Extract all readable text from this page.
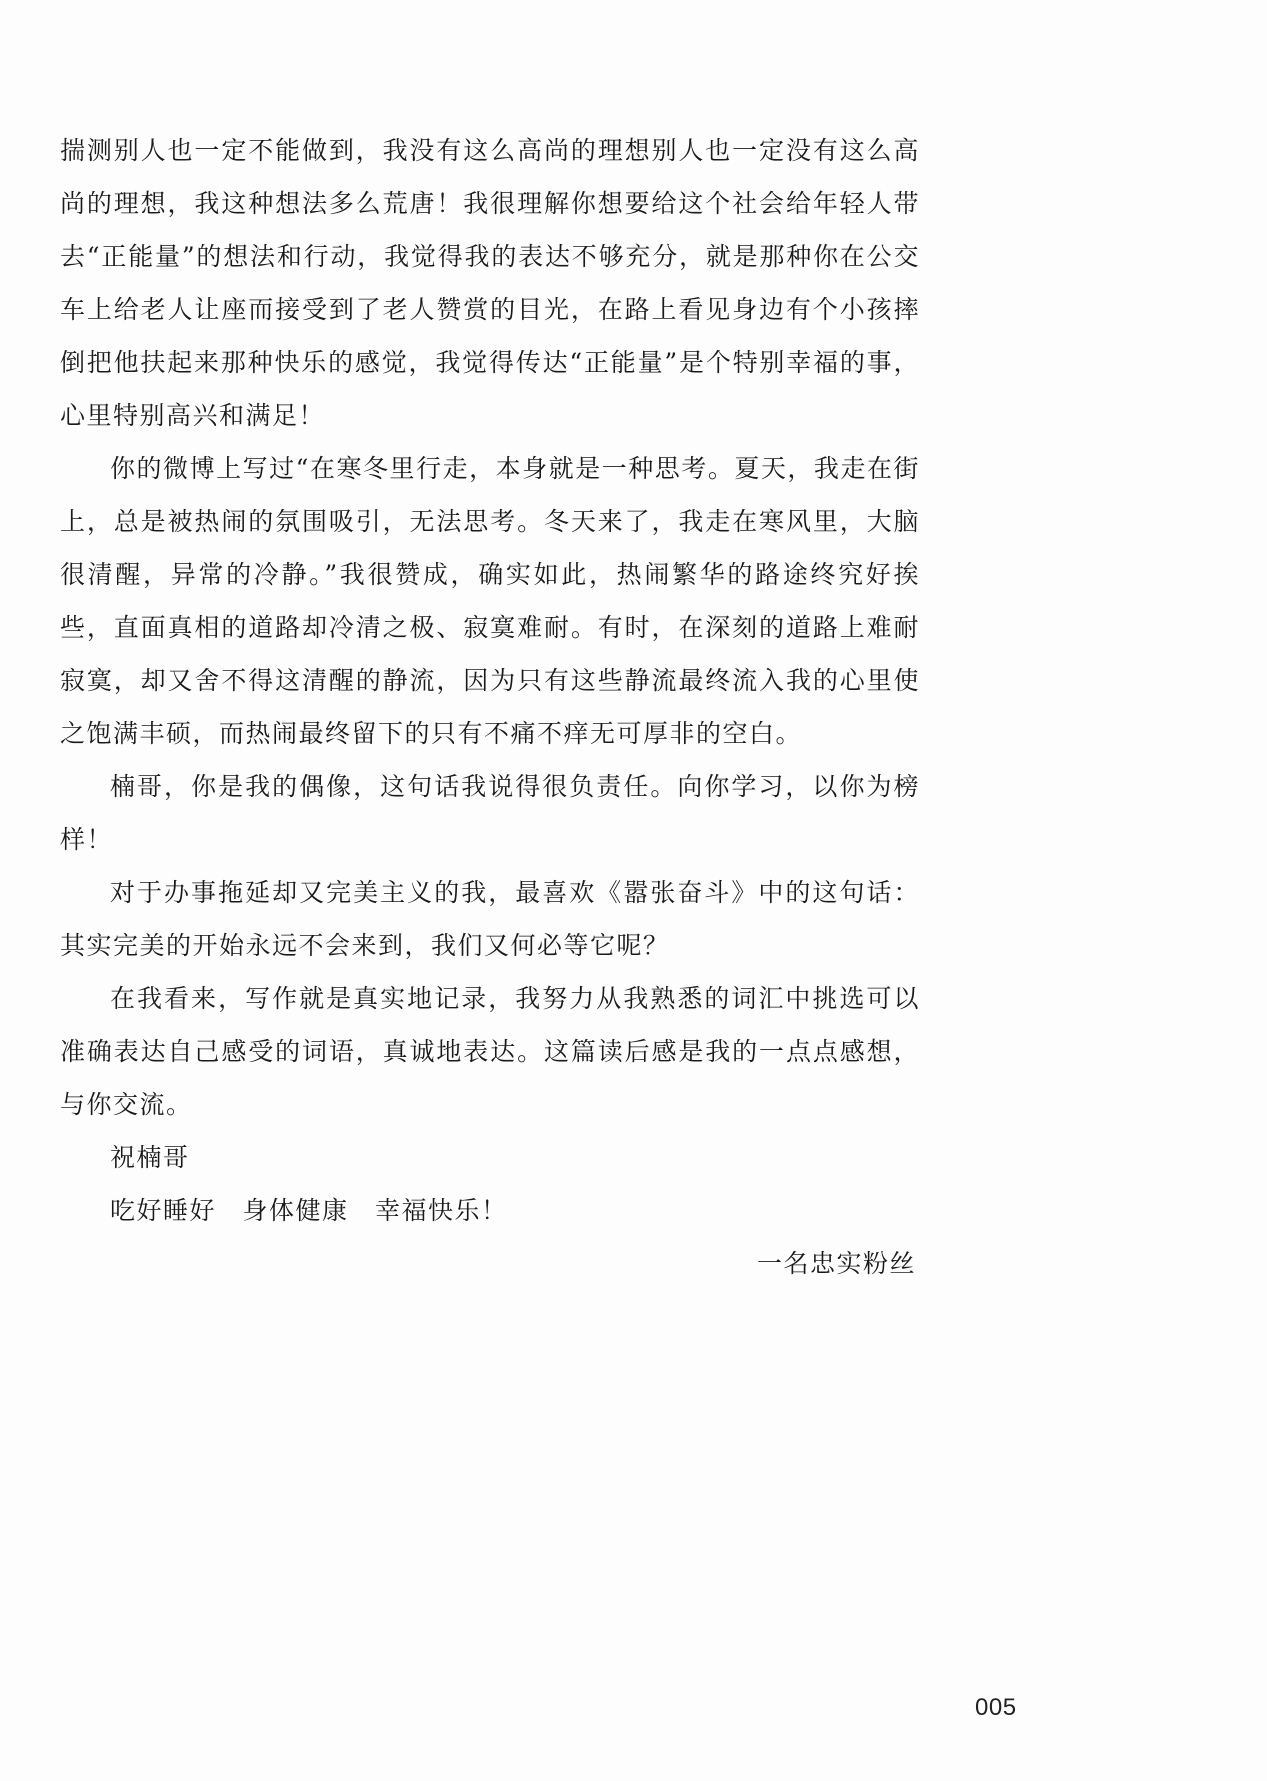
揣测别人也一定不能做到，我没有这么高尚的理想别人也一定没有这么高尚的理想，我这种想法多么荒唐！我很理解你想要给这个社会给年轻人带去“正能量”的想法和行动，我觉得我的表达不够充分，就是那种你在公交车上给老人让座而接受到了老人赞赏的目光，在路上看见身边有个小孩摔倒把他扶起来那种快乐的感觉，我觉得传达“正能量”是个特别幸福的事，心里特别高兴和满足！

你的微博上写过“在寒冬里行走，本身就是一种思考。夏天，我走在街上，总是被热闹的氛围吸引，无法思考。冬天来了，我走在寒风里，大脑很清醒，异常的冷静。”我很赞成，确实如此，热闹繁华的路途终究好挨些，直面真相的道路却冷清之极、寂寞难耐。有时，在深刻的道路上难耐寂寞，却又舍不得这清醒的静流，因为只有这些静流最终流入我的心里使之饱满丰硕，而热闹最终留下的只有不痛不痒无可厚非的空白。

楠哥，你是我的偶像，这句话我说得很负责任。向你学习，以你为榜样！

对于办事拖延却又完美主义的我，最喜欢《嚣张奋斗》中的这句话：其实完美的开始永远不会来到，我们又何必等它呢？

在我看来，写作就是真实地记录，我努力从我熟悉的词汇中挑选可以准确表达自己感受的词语，真诚地表达。这篇读后感是我的一点点感想，与你交流。

祝楠哥

吃好睡好　身体健康　幸福快乐！

一名忠实粉丝

005
